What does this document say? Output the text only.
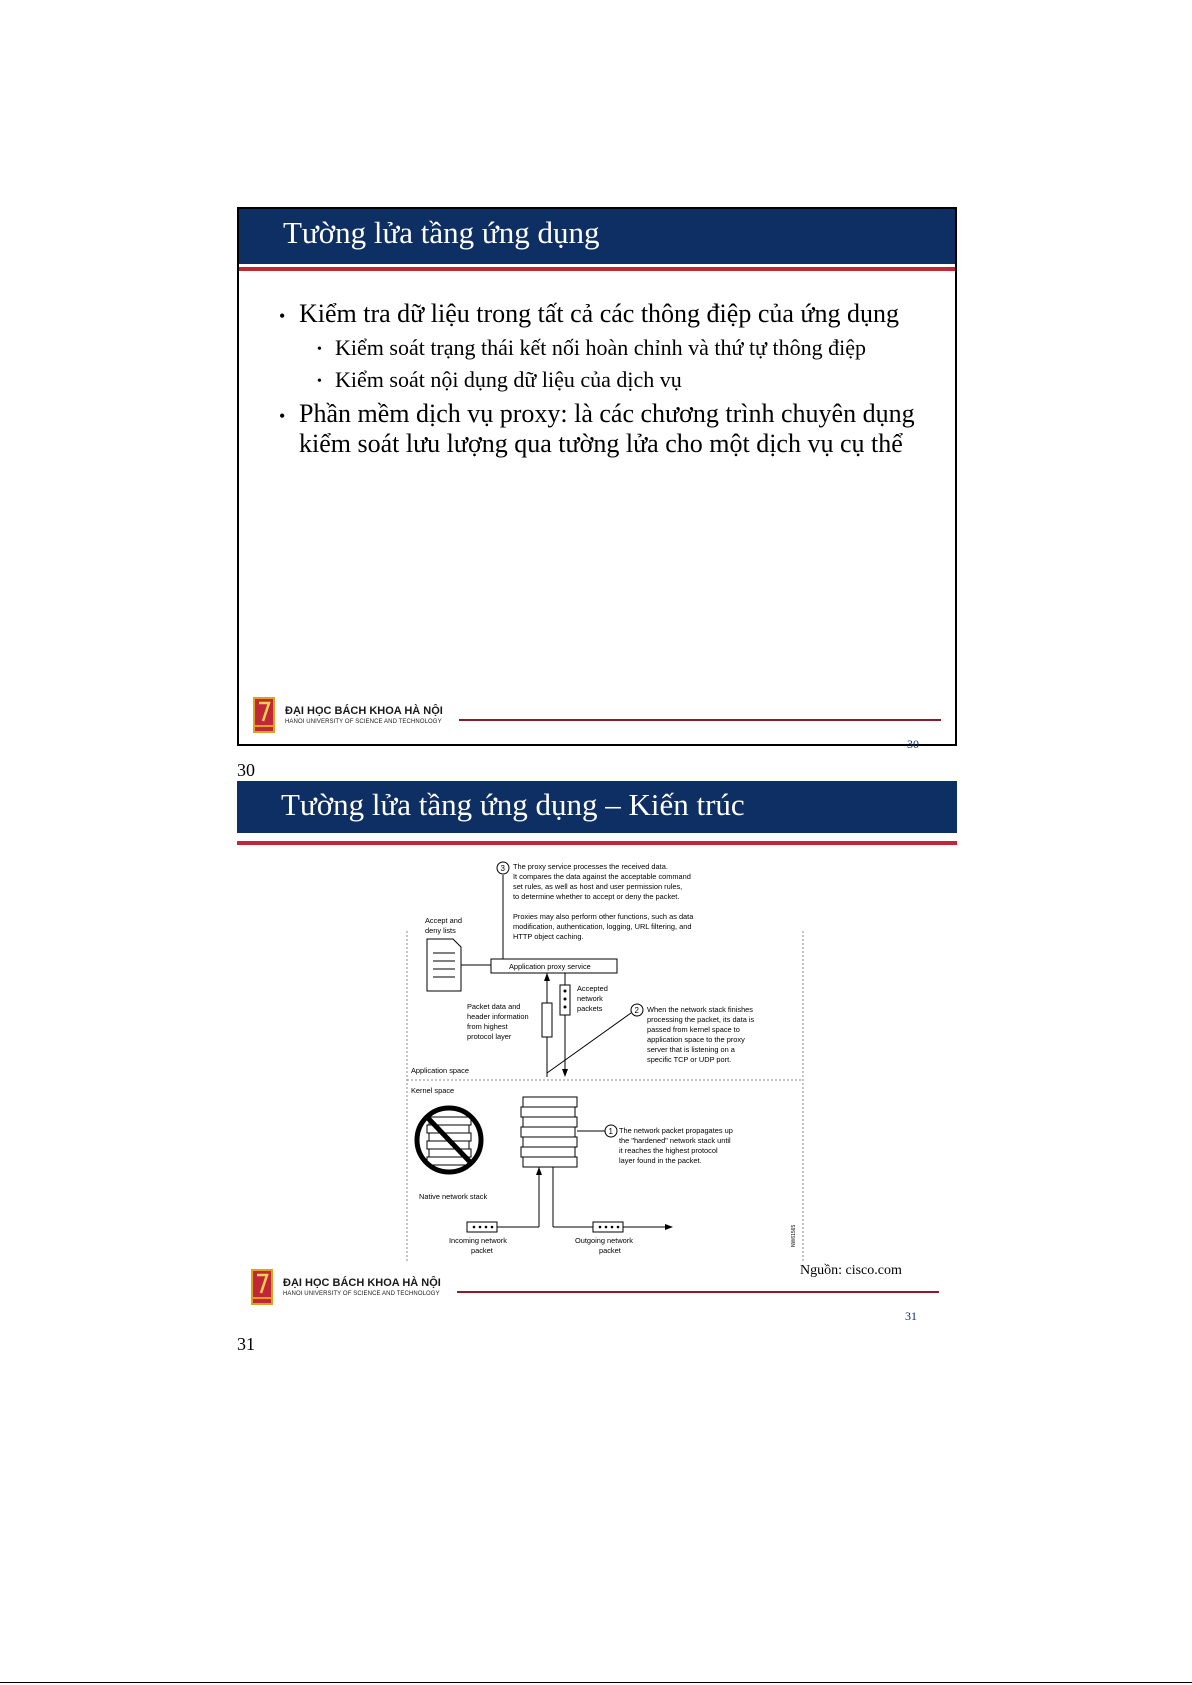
Tường lửa tầng ứng dụng
• Kiểm tra dữ liệu trong tất cả các thông điệp của ứng dụng
• Kiểm soát trạng thái kết nối hoàn chỉnh và thứ tự thông điệp
• Kiểm soát nội dụng dữ liệu của dịch vụ
• Phần mềm dịch vụ proxy: là các chương trình chuyên dụng kiểm soát lưu lượng qua tường lửa cho một dịch vụ cụ thể
ĐẠI HỌC BÁCH KHOA HÀ NỘI
HANOI UNIVERSITY OF SCIENCE AND TECHNOLOGY
30
30
Tường lửa tầng ứng dụng – Kiến trúc
3 The proxy service processes the received data. It compares the data against the acceptable command set rules, as well as host and user permission rules, to determine whether to accept or deny the packet. Proxies may also perform other functions, such as data modification, authentication, logging, URL filtering, and HTTP object caching.
Accept and deny lists
Application proxy service
Packet data and header information from highest protocol layer
Accepted network packets	2 When the network stack finishes processing the packet, its data is passed from kernel space to application space to the proxy server that is listening on a specific TCP or UDP port.
Application space
Kernel space
1 The network packet propagates up the "hardened" network stack until it reaches the highest protocol layer found in the packet.
Native network stack
Incoming network packet
Outgoing network packet
NW61565
Nguồn: cisco.com
ĐẠI HỌC BÁCH KHOA HÀ NỘI
HANOI UNIVERSITY OF SCIENCE AND TECHNOLOGY
31
31
